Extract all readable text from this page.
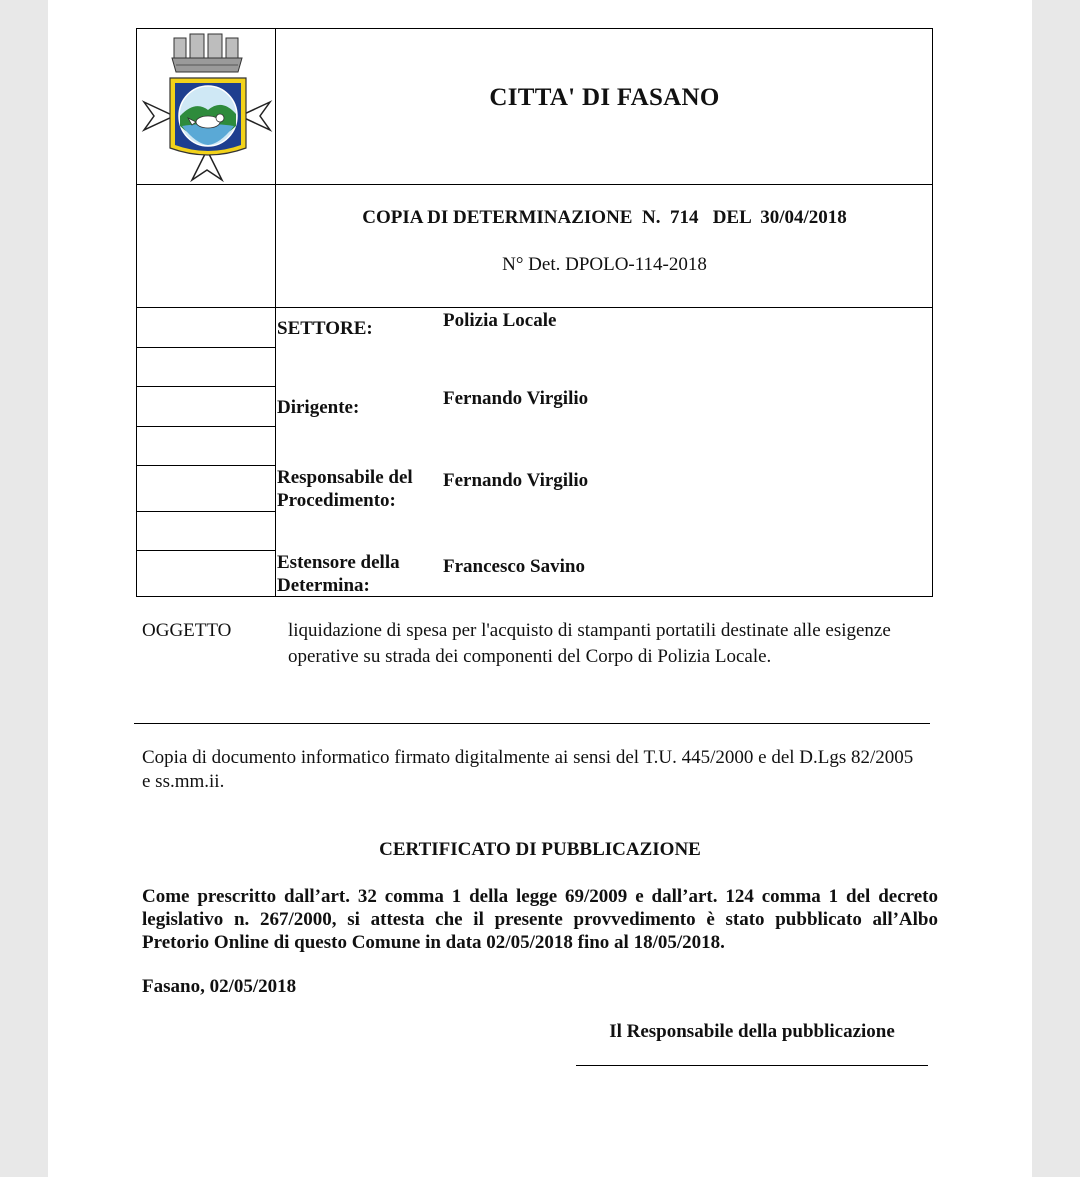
CITTA' DI FASANO
COPIA DI DETERMINAZIONE  N.  714   DEL  30/04/2018
N° Det. DPOLO-114-2018
SETTORE:	Polizia Locale
Dirigente:	Fernando Virgilio
Responsabile del
Procedimento:
Fernando Virgilio
Estensore della
Determina:
Francesco Savino
OGGETTO	liquidazione di spesa per l'acquisto di stampanti portatili destinate alle esigenze
operative su strada dei componenti del Corpo di Polizia Locale.
Copia di documento informatico firmato digitalmente ai sensi del T.U. 445/2000 e del D.Lgs 82/2005
e ss.mm.ii.
CERTIFICATO DI PUBBLICAZIONE
Come prescritto dall’art. 32 comma 1 della legge 69/2009 e dall’art. 124 comma 1 del decreto
legislativo n. 267/2000, si attesta che il presente provvedimento è stato pubblicato all’Albo
Pretorio Online di questo Comune in data 02/05/2018 fino al 18/05/2018.
Fasano, 02/05/2018
Il Responsabile della pubblicazione
